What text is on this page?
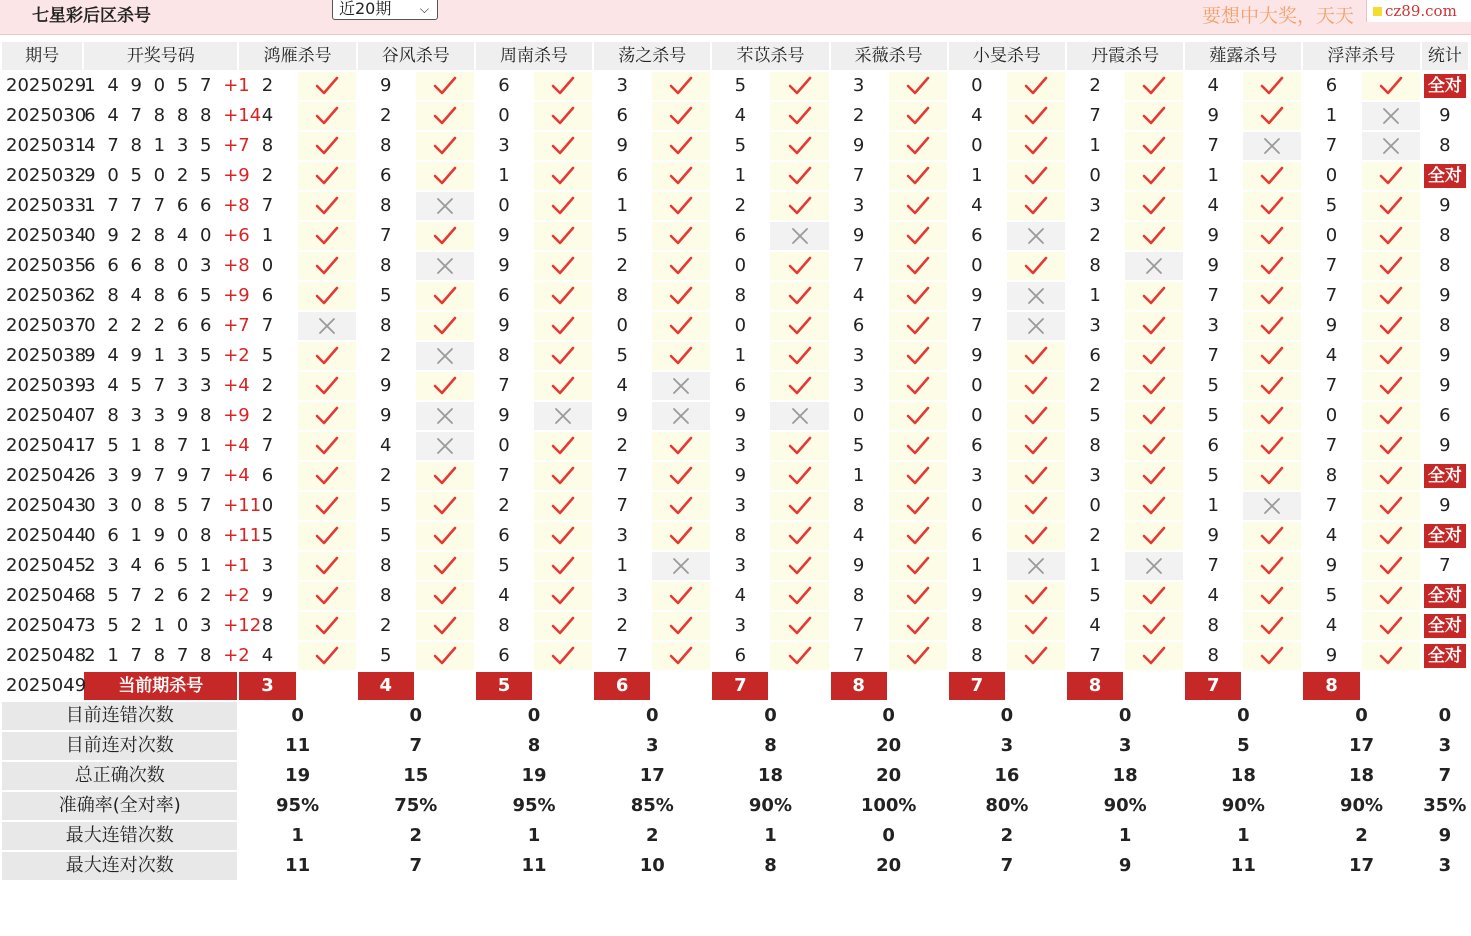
七星彩后区杀号	近20期 ⌵	要想中大奖，天天	cz89.com
期号	开奖号码	鸿雁杀号		谷风杀号		周南杀号		荡之杀号		芣苡杀号		采薇杀号		小旻杀号		丹霞杀号		薤露杀号		浮萍杀号		统计
2025029	1 4 9 0 5 7 +1	2		9		6		3		5		3		0		2		4		6		全对
2025030	6 4 7 8 8 8 +14	4		2		0		6		4		2		4		7		9		1		9
2025031	4 7 8 1 3 5 +7	8		8		3		9		5		9		0		1		7		7		8
2025032	9 0 5 0 2 5 +9	2		6		1		6		1		7		1		0		1		0		全对
2025033	1 7 7 7 6 6 +8	7		8		0		1		2		3		4		3		4		5		9
2025034	0 9 2 8 4 0 +6	1		7		9		5		6		9		6		2		9		0		8
2025035	6 6 6 8 0 3 +8	0		8		9		2		0		7		0		8		9		7		8
2025036	2 8 4 8 6 5 +9	6		5		6		8		8		4		9		1		7		7		9
2025037	0 2 2 2 6 6 +7	7		8		9		0		0		6		7		3		3		9		8
2025038	9 4 9 1 3 5 +2	5		2		8		5		1		3		9		6		7		4		9
2025039	3 4 5 7 3 3 +4	2		9		7		4		6		3		0		2		5		7		9
2025040	7 8 3 3 9 8 +9	2		9		9		9		9		0		0		5		5		0		6
2025041	7 5 1 8 7 1 +4	7		4		0		2		3		5		6		8		6		7		9
2025042	6 3 9 7 9 7 +4	6		2		7		7		9		1		3		3		5		8		全对
2025043	0 3 0 8 5 7 +11	0		5		2		7		3		8		0		0		1		7		9
2025044	0 6 1 9 0 8 +11	5		5		6		3		8		4		6		2		9		4		全对
2025045	2 3 4 6 5 1 +1	3		8		5		1		3		9		1		1		7		9		7
2025046	8 5 7 2 6 2 +2	9		8		4		3		4		8		9		5		4		5		全对
2025047	3 5 2 1 0 3 +12	8		2		8		2		3		7		8		4		8		4		全对
2025048	2 1 7 8 7 8 +2	4		5		6		7		6		7		8		7		8		9		全对
2025049	当前期杀号	3		4		5		6		7		8		7		8		7		8		
目前连错次数		0		0		0		0		0		0		0		0		0		0		0
目前连对次数		11		7		8		3		8		20		3		3		5		17		3
总正确次数		19		15		19		17		18		20		16		18		18		18		7
准确率(全对率)		95%		75%		95%		85%		90%		100%		80%		90%		90%		90%		35%
最大连错次数		1		2		1		2		1		0		2		1		1		2		9
最大连对次数		11		7		11		10		8		20		7		9		11		17		3
